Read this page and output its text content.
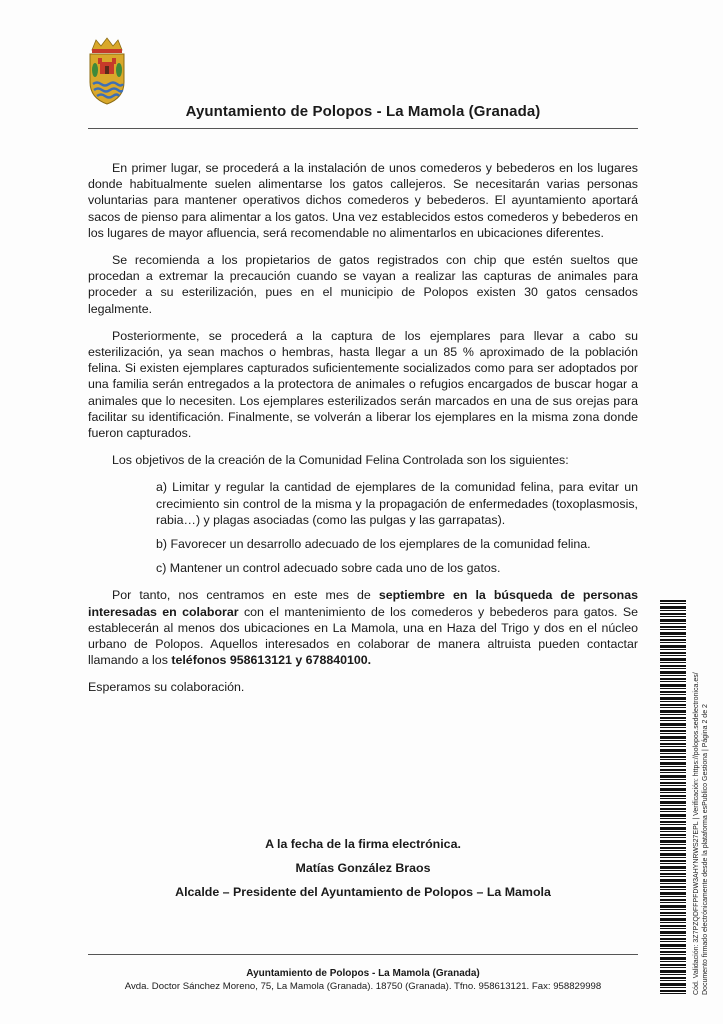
Ayuntamiento de Polopos - La Mamola (Granada)

En primer lugar, se procederá a la instalación de unos comederos y bebederos en los lugares donde habitualmente suelen alimentarse los gatos callejeros. Se necesitarán varias personas voluntarias para mantener operativos dichos comederos y bebederos. El ayuntamiento aportará sacos de pienso para alimentar a los gatos. Una vez establecidos estos comederos y bebederos en los lugares de mayor afluencia, será recomendable no alimentarlos en ubicaciones diferentes.

Se recomienda a los propietarios de gatos registrados con chip que estén sueltos que procedan a extremar la precaución cuando se vayan a realizar las capturas de animales para proceder a su esterilización, pues en el municipio de Polopos existen 30 gatos censados legalmente.

Posteriormente, se procederá a la captura de los ejemplares para llevar a cabo su esterilización, ya sean machos o hembras, hasta llegar a un 85 % aproximado de la población felina. Si existen ejemplares capturados suficientemente socializados como para ser adoptados por una familia serán entregados a la protectora de animales o refugios encargados de buscar hogar a animales que lo necesiten. Los ejemplares esterilizados serán marcados en una de sus orejas para facilitar su identificación. Finalmente, se volverán a liberar los ejemplares en la misma zona donde fueron capturados.

Los objetivos de la creación de la Comunidad Felina Controlada son los siguientes:

a) Limitar y regular la cantidad de ejemplares de la comunidad felina, para evitar un crecimiento sin control de la misma y la propagación de enfermedades (toxoplasmosis, rabia…) y plagas asociadas (como las pulgas y las garrapatas).

b) Favorecer un desarrollo adecuado de los ejemplares de la comunidad felina.

c) Mantener un control adecuado sobre cada uno de los gatos.

Por tanto, nos centramos en este mes de septiembre en la búsqueda de personas interesadas en colaborar con el mantenimiento de los comederos y bebederos para gatos. Se establecerán al menos dos ubicaciones en La Mamola, una en Haza del Trigo y dos en el núcleo urbano de Polopos. Aquellos interesados en colaborar de manera altruista pueden contactar llamando a los teléfonos 958613121 y 678840100.

Esperamos su colaboración.

A la fecha de la firma electrónica.
Matías González Braos
Alcalde – Presidente del Ayuntamiento de Polopos – La Mamola
Ayuntamiento de Polopos - La Mamola (Granada)
Avda. Doctor Sánchez Moreno, 75, La Mamola (Granada). 18750 (Granada). Tfno. 958613121. Fax: 958829998	Cód. Validación: 3Z7PZQDFFPFDW3AHYNRWS27EPL | Verificación: https://polopos.sedelectronica.es/ Documento firmado electrónicamente desde la plataforma esPublico Gestiona | Página 2 de 2
